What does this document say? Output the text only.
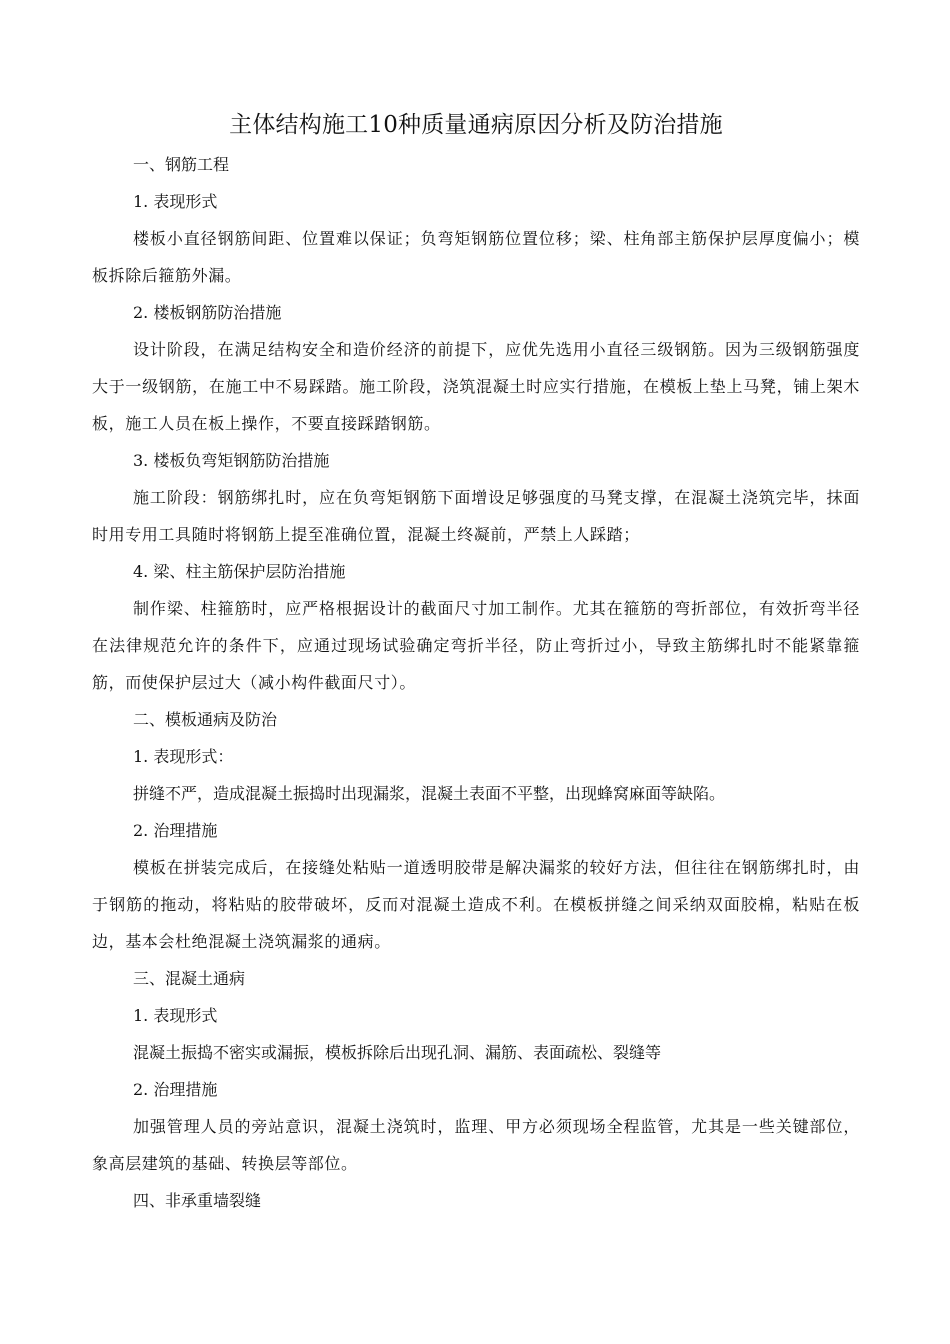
主体结构施工10种质量通病原因分析及防治措施

一、钢筋工程

1. 表现形式

楼板小直径钢筋间距、位置难以保证；负弯矩钢筋位置位移；梁、柱角部主筋保护层厚度偏小；模板拆除后箍筋外漏。

2. 楼板钢筋防治措施

设计阶段，在满足结构安全和造价经济的前提下，应优先选用小直径三级钢筋。因为三级钢筋强度大于一级钢筋，在施工中不易踩踏。施工阶段，浇筑混凝土时应实行措施，在模板上垫上马凳，铺上架木板，施工人员在板上操作，不要直接踩踏钢筋。

3. 楼板负弯矩钢筋防治措施

施工阶段：钢筋绑扎时，应在负弯矩钢筋下面增设足够强度的马凳支撑，在混凝土浇筑完毕，抹面时用专用工具随时将钢筋上提至准确位置，混凝土终凝前，严禁上人踩踏；

4. 梁、柱主筋保护层防治措施

制作梁、柱箍筋时，应严格根据设计的截面尺寸加工制作。尤其在箍筋的弯折部位，有效折弯半径在法律规范允许的条件下，应通过现场试验确定弯折半径，防止弯折过小，导致主筋绑扎时不能紧靠箍筋，而使保护层过大（减小构件截面尺寸）。

二、模板通病及防治

1. 表现形式：

拼缝不严，造成混凝土振捣时出现漏浆，混凝土表面不平整，出现蜂窝麻面等缺陷。

2. 治理措施

模板在拼装完成后，在接缝处粘贴一道透明胶带是解决漏浆的较好方法，但往往在钢筋绑扎时，由于钢筋的拖动，将粘贴的胶带破坏，反而对混凝土造成不利。在模板拼缝之间采纳双面胶棉，粘贴在板边，基本会杜绝混凝土浇筑漏浆的通病。

三、混凝土通病

1. 表现形式

混凝土振捣不密实或漏振，模板拆除后出现孔洞、漏筋、表面疏松、裂缝等

2. 治理措施

加强管理人员的旁站意识，混凝土浇筑时，监理、甲方必须现场全程监管，尤其是一些关键部位，象高层建筑的基础、转换层等部位。

四、非承重墙裂缝
